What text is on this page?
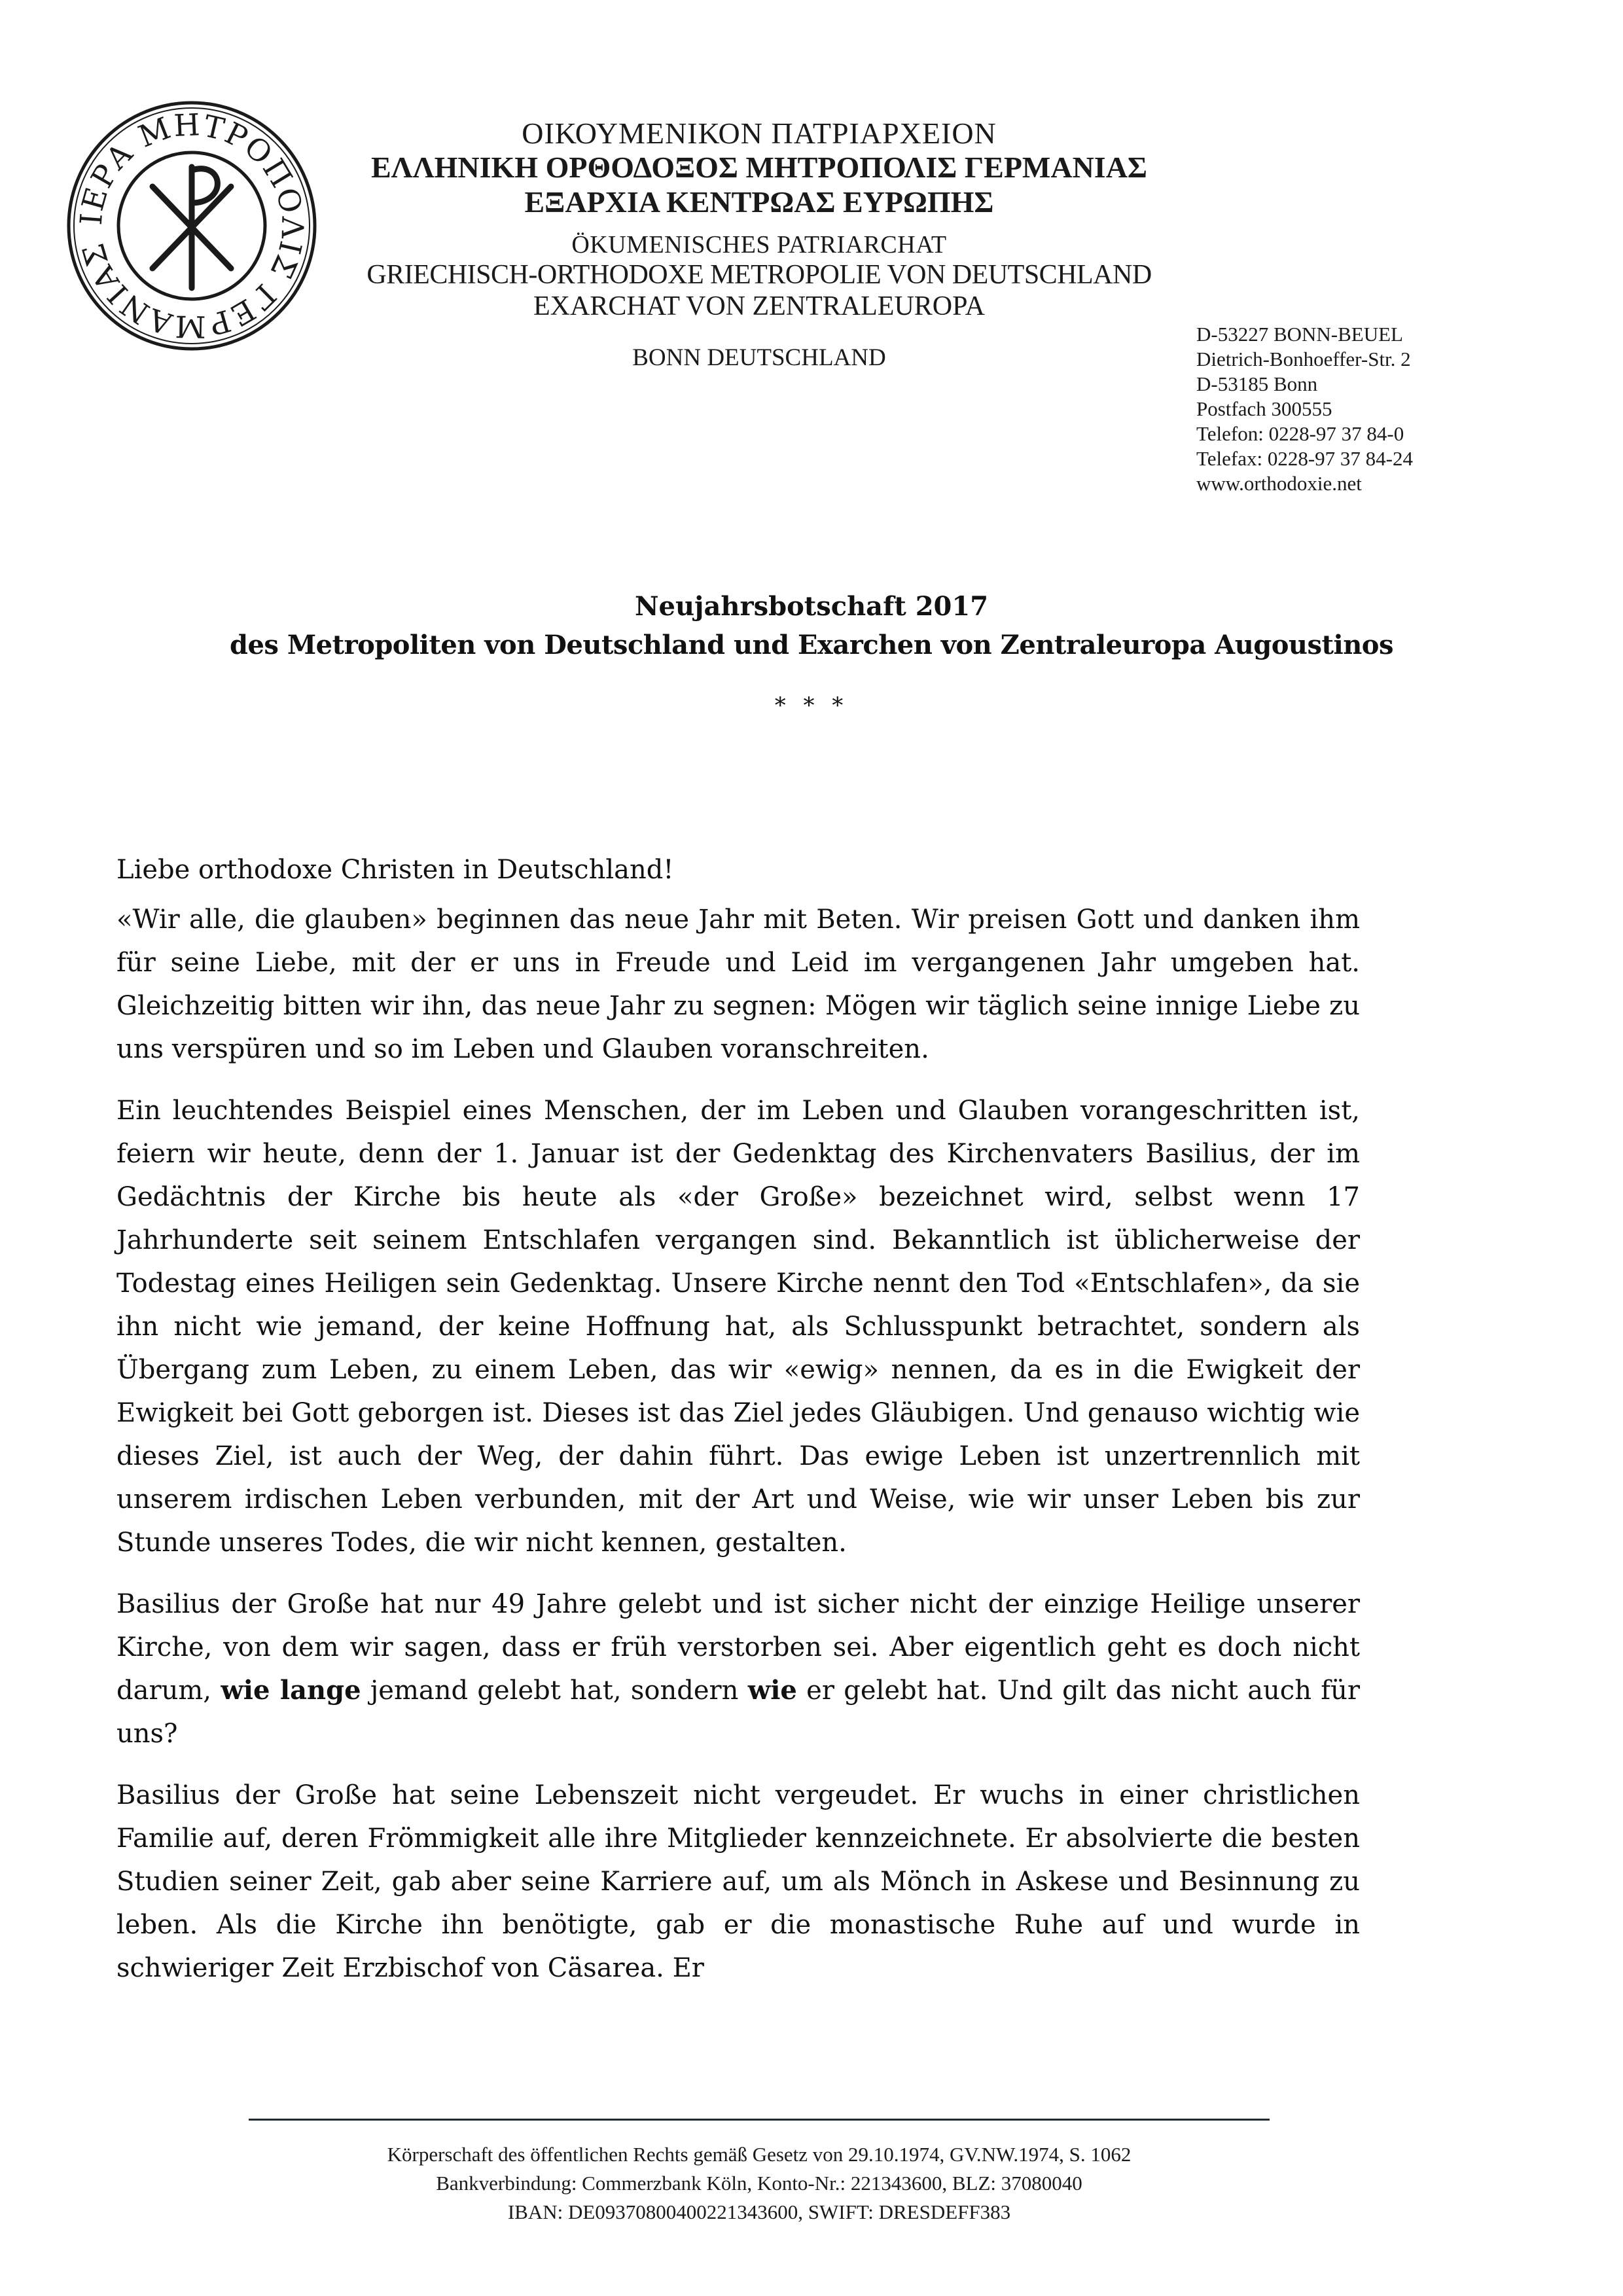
ΙΕΡΑ ΜΗΤΡΟΠΟΛΙΣ ΓΕΡΜΑΝΙΑΣ
ΟΙΚΟΥΜΕΝΙΚΟΝ ΠΑΤΡΙΑΡΧΕΙΟΝ
ΕΛΛΗΝΙΚΗ ΟΡΘΟΔΟΞΟΣ ΜΗΤΡΟΠΟΛΙΣ ΓΕΡΜΑΝΙΑΣ
ΕΞΑΡΧΙΑ ΚΕΝΤΡΩΑΣ ΕΥΡΩΠΗΣ
ÖKUMENISCHES PATRIARCHAT
GRIECHISCH-ORTHODOXE METROPOLIE VON DEUTSCHLAND
EXARCHAT VON ZENTRALEUROPA
BONN DEUTSCHLAND
D-53227 BONN-BEUEL
Dietrich-Bonhoeffer-Str. 2
D-53185 Bonn
Postfach 300555
Telefon: 0228-97 37 84-0
Telefax: 0228-97 37 84-24
www.orthodoxie.net
Neujahrsbotschaft 2017
des Metropoliten von Deutschland und Exarchen von Zentraleuropa Augoustinos
* * *

Liebe orthodoxe Christen in Deutschland!

«Wir alle, die glauben» beginnen das neue Jahr mit Beten. Wir preisen Gott und danken ihm für seine Liebe, mit der er uns in Freude und Leid im vergangenen Jahr umgeben hat. Gleichzeitig bitten wir ihn, das neue Jahr zu segnen: Mögen wir täglich seine innige Liebe zu uns verspüren und so im Leben und Glauben voranschreiten.

Ein leuchtendes Beispiel eines Menschen, der im Leben und Glauben vorangeschritten ist, feiern wir heute, denn der 1. Januar ist der Gedenktag des Kirchenvaters Basilius, der im Gedächtnis der Kirche bis heute als «der Große» bezeichnet wird, selbst wenn 17 Jahrhunderte seit seinem Entschlafen vergangen sind. Bekanntlich ist üblicherweise der Todestag eines Heiligen sein Gedenktag. Unsere Kirche nennt den Tod «Entschlafen», da sie ihn nicht wie jemand, der keine Hoffnung hat, als Schlusspunkt betrachtet, sondern als Übergang zum Leben, zu einem Leben, das wir «ewig» nennen, da es in die Ewigkeit der Ewigkeit bei Gott geborgen ist. Dieses ist das Ziel jedes Gläubigen. Und genauso wichtig wie dieses Ziel, ist auch der Weg, der dahin führt. Das ewige Leben ist unzertrennlich mit unserem irdischen Leben verbunden, mit der Art und Weise, wie wir unser Leben bis zur Stunde unseres Todes, die wir nicht kennen, gestalten.

Basilius der Große hat nur 49 Jahre gelebt und ist sicher nicht der einzige Heilige unserer Kirche, von dem wir sagen, dass er früh verstorben sei. Aber eigentlich geht es doch nicht darum, wie lange jemand gelebt hat, sondern wie er gelebt hat. Und gilt das nicht auch für uns?

Basilius der Große hat seine Lebenszeit nicht vergeudet. Er wuchs in einer christlichen Familie auf, deren Frömmigkeit alle ihre Mitglieder kennzeichnete. Er absolvierte die besten Studien seiner Zeit, gab aber seine Karriere auf, um als Mönch in Askese und Besinnung zu leben. Als die Kirche ihn benötigte, gab er die monastische Ruhe auf und wurde in schwieriger Zeit Erzbischof von Cäsarea. Er

Körperschaft des öffentlichen Rechts gemäß Gesetz von 29.10.1974, GV.NW.1974, S. 1062
Bankverbindung: Commerzbank Köln, Konto-Nr.: 221343600, BLZ: 37080040
IBAN: DE09370800400221343600, SWIFT: DRESDEFF383
